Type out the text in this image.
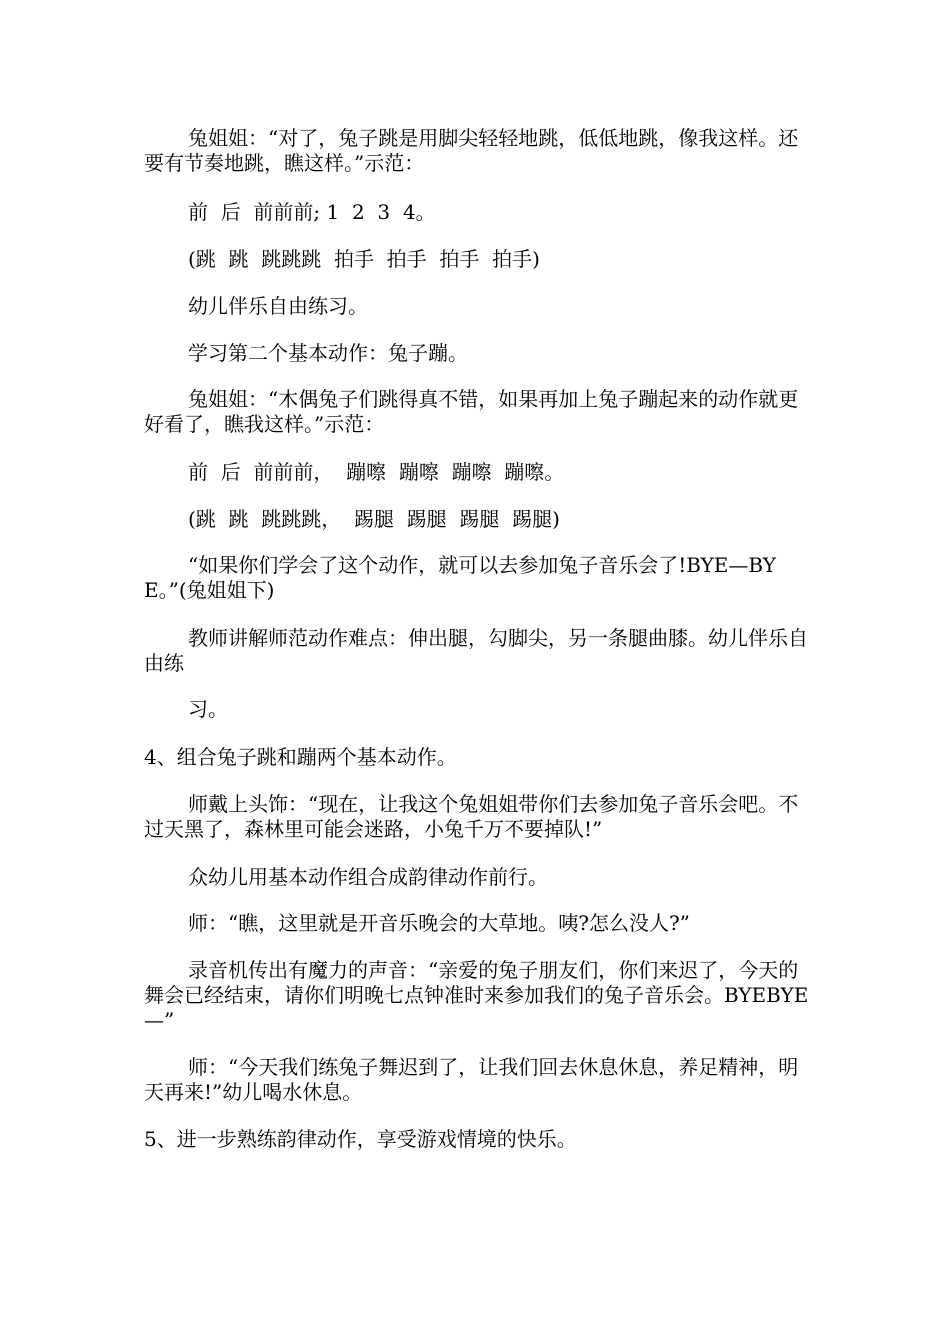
兔姐姐：“对了，兔子跳是用脚尖轻轻地跳，低低地跳，像我这样。还要有节奏地跳，瞧这样。”示范：

前  后  前前前; 1  2  3  4。

(跳  跳  跳跳跳  拍手  拍手  拍手  拍手)

幼儿伴乐自由练习。

学习第二个基本动作：兔子蹦。

兔姐姐：“木偶兔子们跳得真不错，如果再加上兔子蹦起来的动作就更好看了，瞧我这样。”示范：

前  后  前前前，  蹦嚓  蹦嚓  蹦嚓  蹦嚓。

(跳  跳  跳跳跳，  踢腿  踢腿  踢腿  踢腿)

“如果你们学会了这个动作，就可以去参加兔子音乐会了!BYE—BYE。”(兔姐姐下)

教师讲解师范动作难点：伸出腿，勾脚尖，另一条腿曲膝。幼儿伴乐自由练

习。

4、组合兔子跳和蹦两个基本动作。

师戴上头饰：“现在，让我这个兔姐姐带你们去参加兔子音乐会吧。不过天黑了，森林里可能会迷路，小兔千万不要掉队!”

众幼儿用基本动作组合成韵律动作前行。

师：“瞧，这里就是开音乐晚会的大草地。咦?怎么没人?”

录音机传出有魔力的声音：“亲爱的兔子朋友们，你们来迟了，今天的舞会已经结束，请你们明晚七点钟准时来参加我们的兔子音乐会。BYEBYE—”

师：“今天我们练兔子舞迟到了，让我们回去休息休息，养足精神，明天再来!”幼儿喝水休息。

5、进一步熟练韵律动作，享受游戏情境的快乐。
